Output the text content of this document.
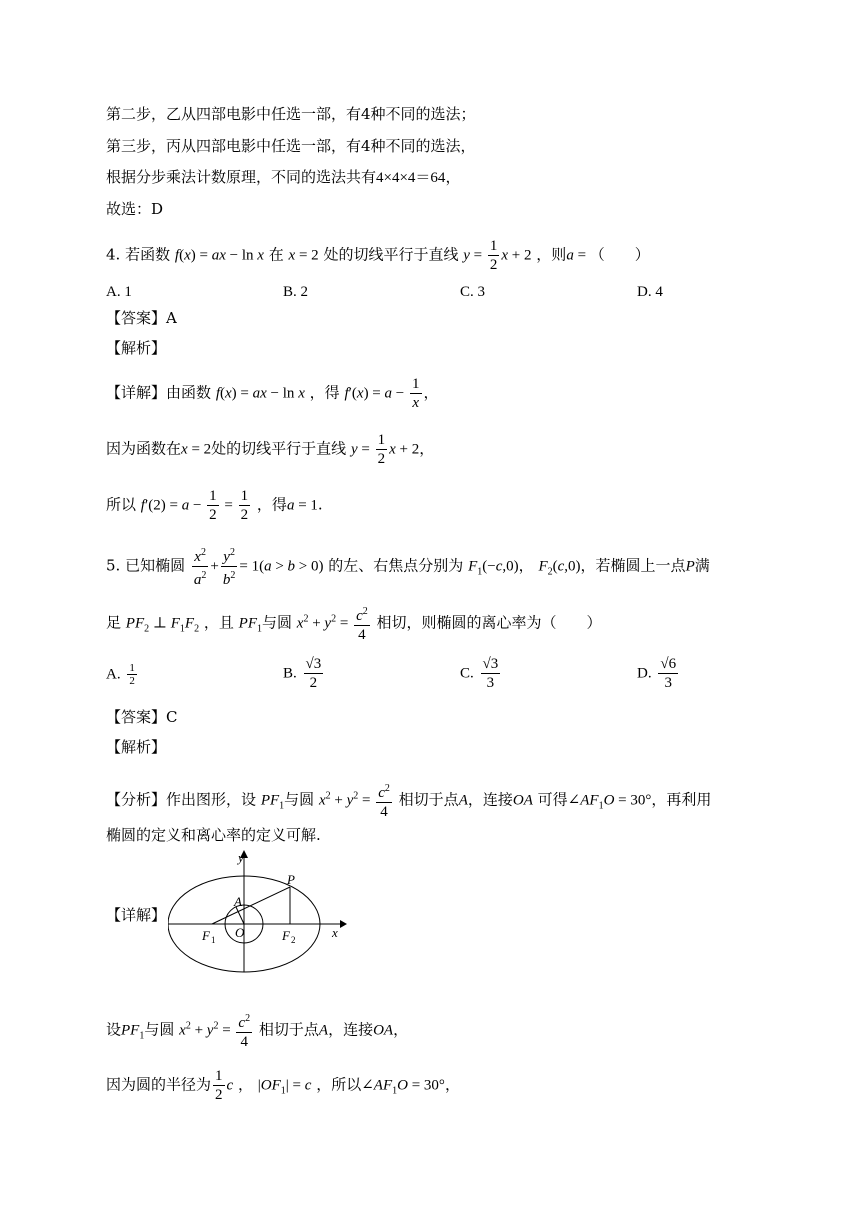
第二步，乙从四部电影中任选一部，有4种不同的选法；
第三步，丙从四部电影中任选一部，有4种不同的选法，
根据分步乘法计数原理，不同的选法共有4×4×4＝64，
故选：D
4. 若函数 f(x) = ax − ln x 在 x = 2 处的切线平行于直线 $y = \frac{1}{2}$ x + 2 ，则a = （　　）
A. 1	B. 2	C. 3	D. 4
【答案】A
【解析】
【详解】由函数 f(x) = ax − ln x ，得 $f'(x) = a - \frac{1}{x}$ ，
因为函数在x = 2处的切线平行于直线 $y = \frac{1}{2}$ x + 2，
所以 $f'(2) = a - \frac{1}{2} = \frac{1}{2}$ ，得a = 1.
5. 已知椭圆 $\frac{x^2}{a^2} + \frac{y^2}{b^2} = 1(a > b > 0)$ 的左、右焦点分别为 $F_1(-c,0)$， $F_2(c,0)$，若椭圆上一点P满
足 $PF_2$ ⊥ $F_1F_2$ ，且 $PF_1$与圆 $x^2 + y^2 = \frac{c^2}{4}$ 相切，则椭圆的离心率为（　　）
A. $\frac{1}{2}$	B. $\frac{√3}{2}$	C. $\frac{√3}{3}$	D. $\frac{√6}{3}$
【答案】C
【解析】
【分析】作出图形，设 $PF_1$与圆 $x^2 + y^2 = \frac{c^2}{4}$ 相切于点A，连接OA 可得$\angle AF_1O = 30^\circ$，再利用
椭圆的定义和离心率的定义可解.
【详解】
y
x
P
A
O
F 1	F 2
设$PF_1$与圆 $x^2 + y^2 = \frac{c^2}{4}$ 相切于点A，连接OA，
因为圆的半径为 $\frac{1}{2}$ c ， $|OF_1| = c$ ，所以$\angle AF_1O = 30^\circ$，
